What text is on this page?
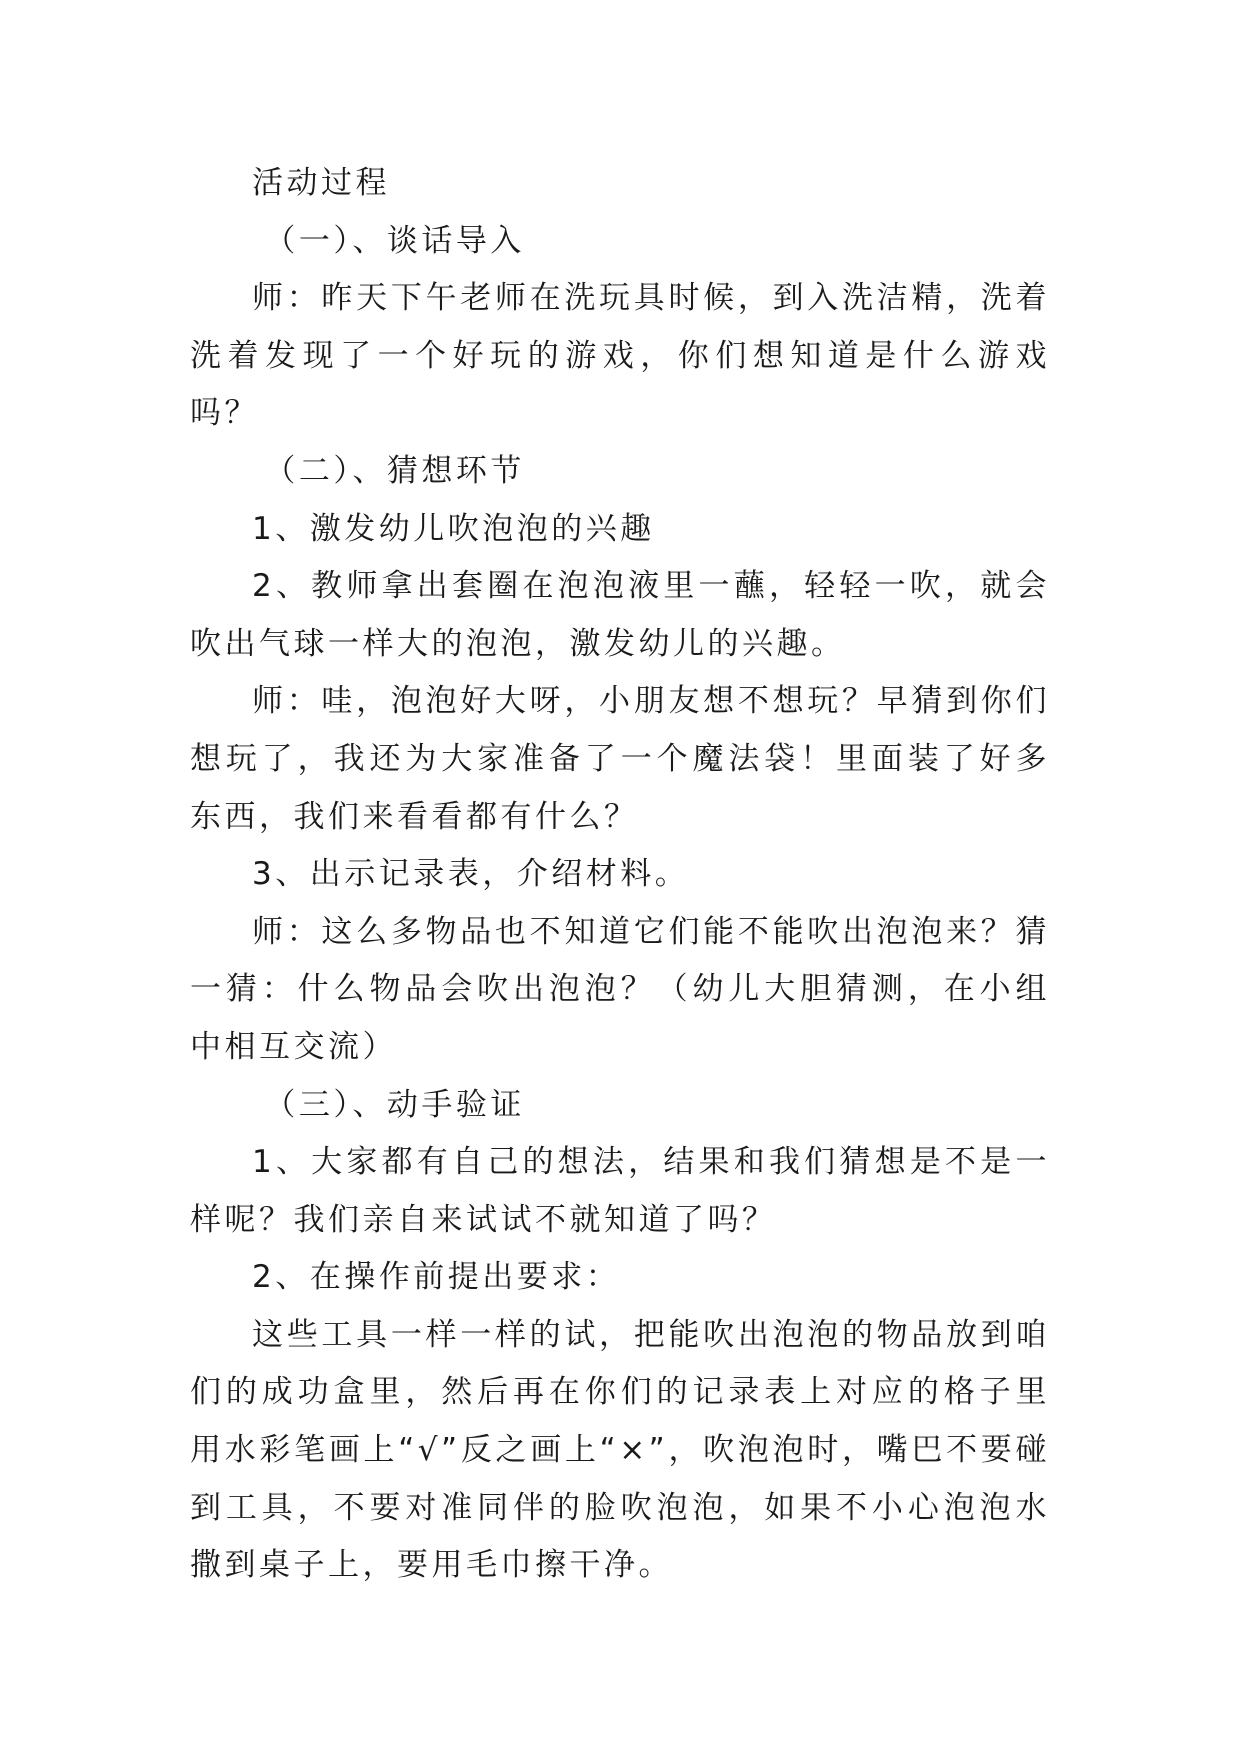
活动过程

（一）、谈话导入

师：昨天下午老师在洗玩具时候，到入洗洁精，洗着洗着发现了一个好玩的游戏，你们想知道是什么游戏吗？

（二）、猜想环节

1、激发幼儿吹泡泡的兴趣

2、教师拿出套圈在泡泡液里一蘸，轻轻一吹，就会吹出气球一样大的泡泡，激发幼儿的兴趣。

师：哇，泡泡好大呀，小朋友想不想玩？早猜到你们想玩了，我还为大家准备了一个魔法袋！里面装了好多东西，我们来看看都有什么？

3、出示记录表，介绍材料。

师：这么多物品也不知道它们能不能吹出泡泡来？猜一猜：什么物品会吹出泡泡？（幼儿大胆猜测，在小组中相互交流）

（三）、动手验证

1、大家都有自己的想法，结果和我们猜想是不是一样呢？我们亲自来试试不就知道了吗？

2、在操作前提出要求：

这些工具一样一样的试，把能吹出泡泡的物品放到咱们的成功盒里，然后再在你们的记录表上对应的格子里用水彩笔画上“√”反之画上“×”，吹泡泡时，嘴巴不要碰到工具，不要对准同伴的脸吹泡泡，如果不小心泡泡水撒到桌子上，要用毛巾擦干净。
